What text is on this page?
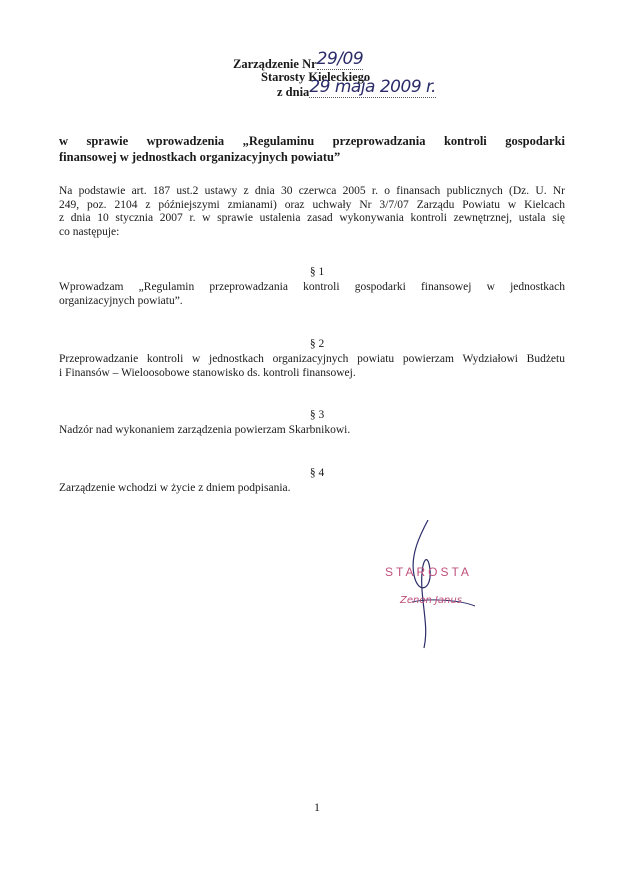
Zarządzenie Nr29/09
Starosty Kieleckiego
z dnia29 maja 2009 r.
w sprawie wprowadzenia „Regulaminu przeprowadzania kontroli gospodarki
finansowej w jednostkach organizacyjnych powiatu”
Na podstawie art. 187 ust.2 ustawy z dnia 30 czerwca 2005 r. o finansach publicznych (Dz. U. Nr
249, poz. 2104 z późniejszymi zmianami) oraz uchwały Nr 3/7/07 Zarządu Powiatu w Kielcach
z dnia 10 stycznia 2007 r. w sprawie ustalenia zasad wykonywania kontroli zewnętrznej, ustala się
co następuje:
§ 1
Wprowadzam „Regulamin przeprowadzania kontroli gospodarki finansowej w jednostkach
organizacyjnych powiatu”.
§ 2
Przeprowadzanie kontroli w jednostkach organizacyjnych powiatu powierzam Wydziałowi Budżetu
i Finansów – Wieloosobowe stanowisko ds. kontroli finansowej.
§ 3
Nadzór nad wykonaniem zarządzenia powierzam Skarbnikowi.
§ 4
Zarządzenie wchodzi w życie z dniem podpisania.
STAROSTA
Zenon Janus
1
